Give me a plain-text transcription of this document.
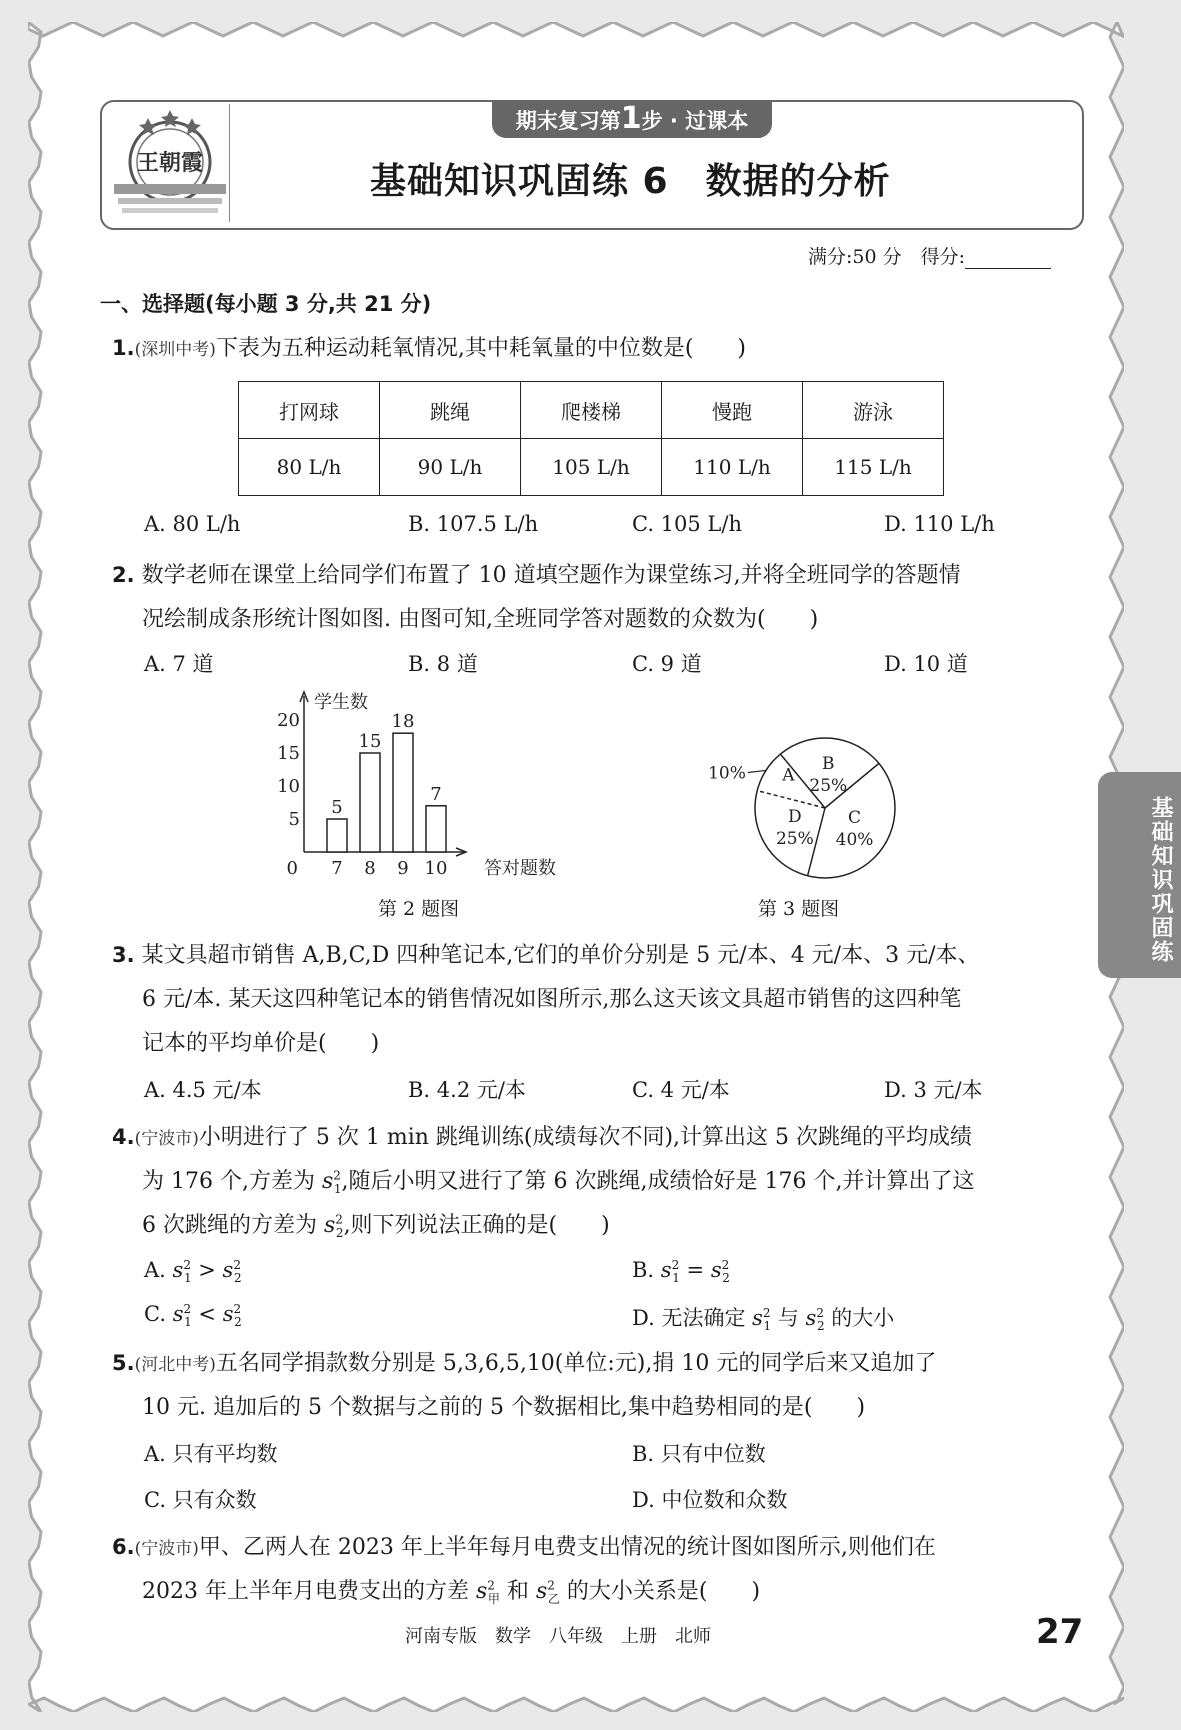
王朝霞
期末复习第1步 · 过课本
基础知识巩固练 6　数据的分析
满分:50 分　 得分:
一、选择题(每小题 3 分,共 21 分)
1.(深圳中考)下表为五种运动耗氧情况,其中耗氧量的中位数是(　　)
打网球	跳绳	爬楼梯	慢跑	游泳
80 L/h	90 L/h	105 L/h	110 L/h	115 L/h
A. 80 L/h	B. 107.5 L/h	C. 105 L/h	D. 110 L/h
2. 数学老师在课堂上给同学们布置了 10 道填空题作为课堂练习,并将全班同学的答题情
况绘制成条形统计图如图. 由图可知,全班同学答对题数的众数为(　　)
A. 7 道	B. 8 道	C. 9 道	D. 10 道
学生数
答对题数
0
5
10
15
20
5
7
15
8
18
9
7
10
第 2 题图
A
10%	B
25%
C
40%
D
25%
第 3 题图
3. 某文具超市销售 A,B,C,D 四种笔记本,它们的单价分别是 5 元/本、4 元/本、3 元/本、
6 元/本. 某天这四种笔记本的销售情况如图所示,那么这天该文具超市销售的这四种笔
记本的平均单价是(　　)
A. 4.5 元/本	B. 4.2 元/本	C. 4 元/本	D. 3 元/本
4.(宁波市)小明进行了 5 次 1 min 跳绳训练(成绩每次不同),计算出这 5 次跳绳的平均成绩
为 176 个,方差为 $s^2_1$,随后小明又进行了第 6 次跳绳,成绩恰好是 176 个,并计算出了这
6 次跳绳的方差为 $s^2_2$,则下列说法正确的是(　　)
A. $s^2_1 > s^2_2$	B. $s^2_1 = s^2_2$
C. $s^2_1 < s^2_2$	D. 无法确定 $s^2_1$ 与 $s^2_2$ 的大小
5.(河北中考)五名同学捐款数分别是 5,3,6,5,10(单位:元),捐 10 元的同学后来又追加了
10 元. 追加后的 5 个数据与之前的 5 个数据相比,集中趋势相同的是(　　)
A. 只有平均数	B. 只有中位数
C. 只有众数	D. 中位数和众数
6.(宁波市)甲、乙两人在 2023 年上半年每月电费支出情况的统计图如图所示,则他们在
2023 年上半年月电费支出的方差 $s^2_甲$ 和 $s^2_乙$ 的大小关系是(　　)
基础知识巩固练
河南专版　数学　八年级　上册　北师	27
